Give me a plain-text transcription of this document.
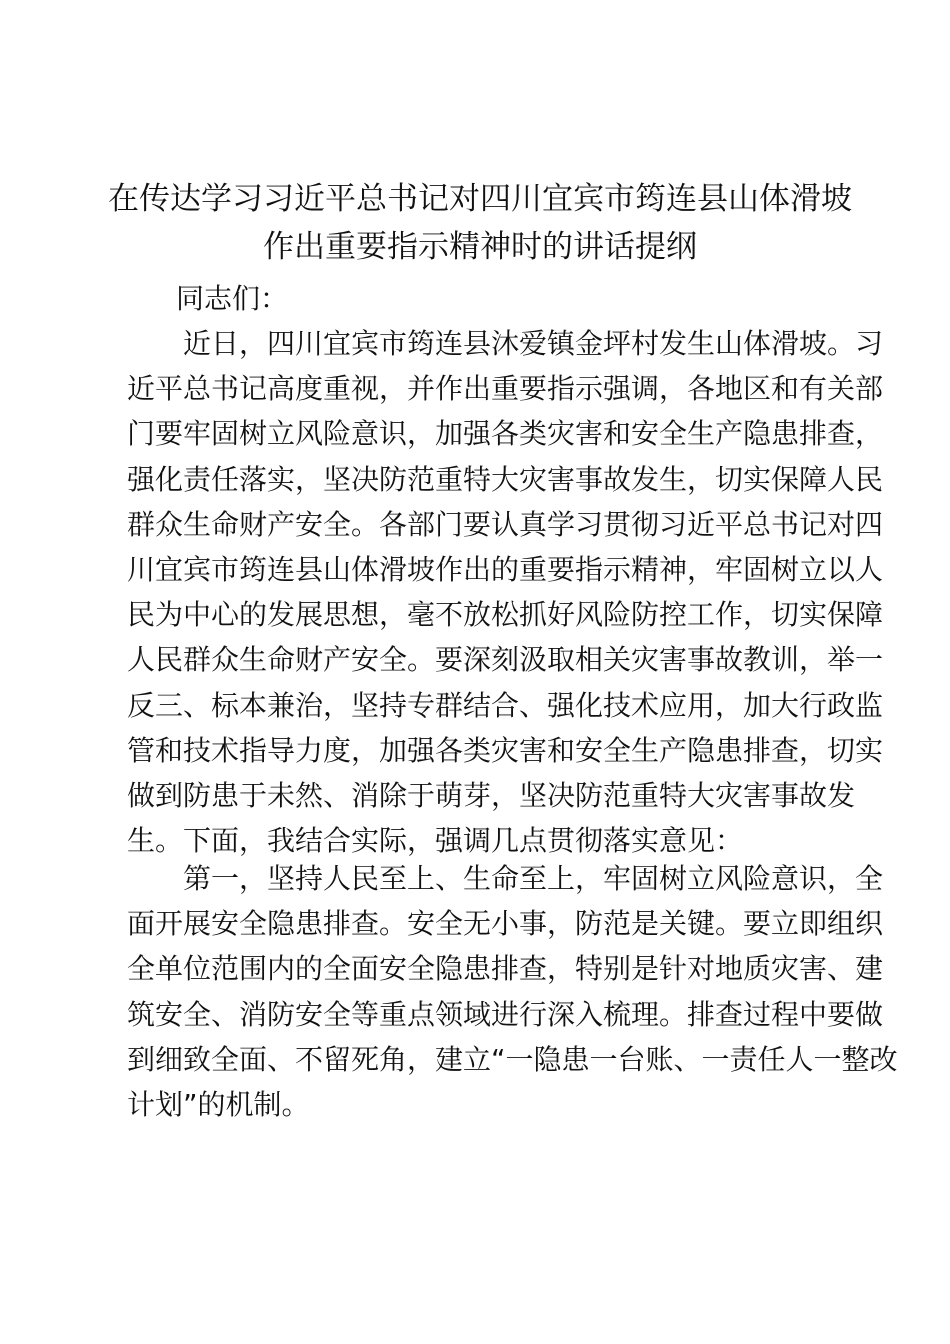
在传达学习习近平总书记对四川宜宾市筠连县山体滑坡
作出重要指示精神时的讲话提纲
同志们：
　　近日，四川宜宾市筠连县沐爱镇金坪村发生山体滑坡。习
近平总书记高度重视，并作出重要指示强调，各地区和有关部
门要牢固树立风险意识，加强各类灾害和安全生产隐患排查，
强化责任落实，坚决防范重特大灾害事故发生，切实保障人民
群众生命财产安全。各部门要认真学习贯彻习近平总书记对四
川宜宾市筠连县山体滑坡作出的重要指示精神，牢固树立以人
民为中心的发展思想，毫不放松抓好风险防控工作，切实保障
人民群众生命财产安全。要深刻汲取相关灾害事故教训，举一
反三、标本兼治，坚持专群结合、强化技术应用，加大行政监
管和技术指导力度，加强各类灾害和安全生产隐患排查，切实
做到防患于未然、消除于萌芽，坚决防范重特大灾害事故发
生。下面，我结合实际，强调几点贯彻落实意见：
　　第一，坚持人民至上、生命至上，牢固树立风险意识，全
面开展安全隐患排查。安全无小事，防范是关键。要立即组织
全单位范围内的全面安全隐患排查，特别是针对地质灾害、建
筑安全、消防安全等重点领域进行深入梳理。排查过程中要做
到细致全面、不留死角，建立“一隐患一台账、一责任人一整改
计划”的机制。
